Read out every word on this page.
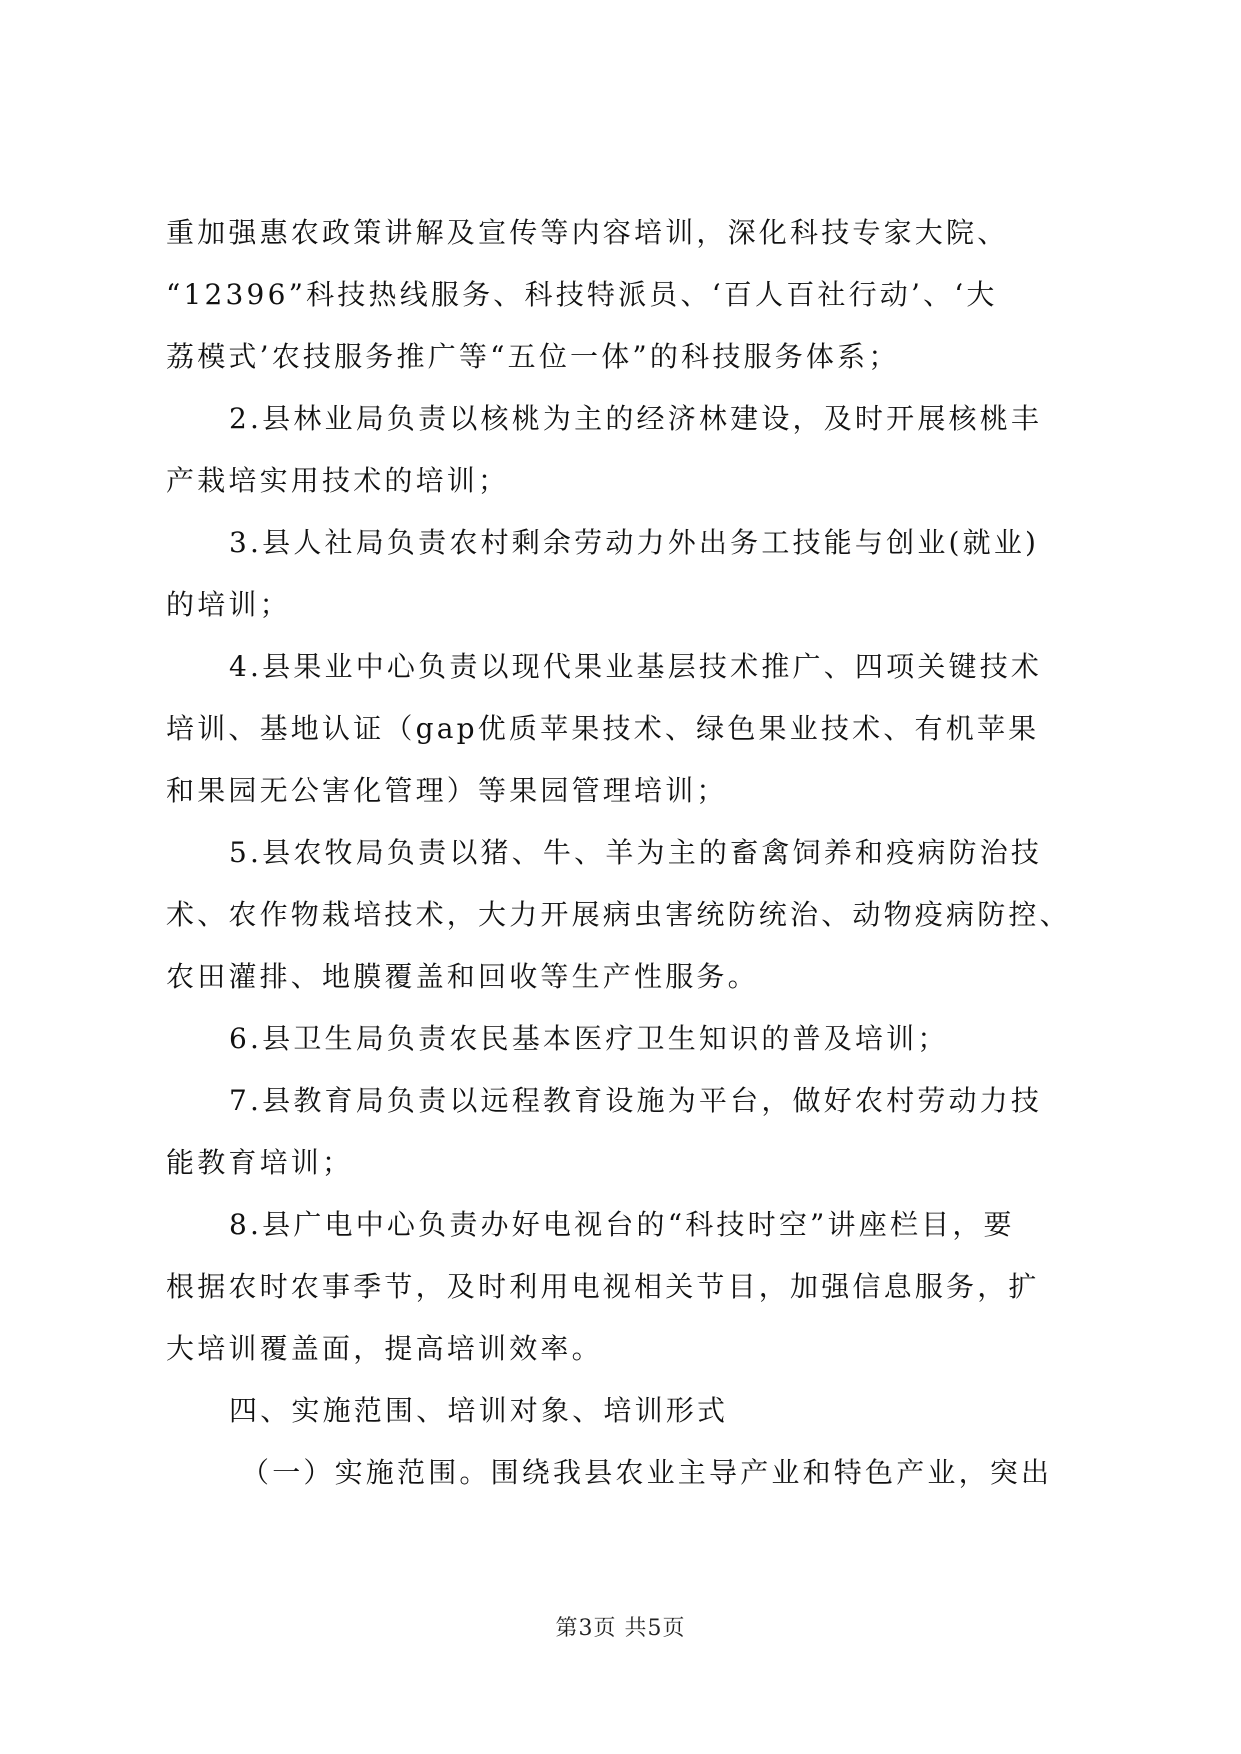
重加强惠农政策讲解及宣传等内容培训，深化科技专家大院、
“12396”科技热线服务、科技特派员、‘百人百社行动’、‘大
荔模式’农技服务推广等“五位一体”的科技服务体系；
2.县林业局负责以核桃为主的经济林建设，及时开展核桃丰
产栽培实用技术的培训；
3.县人社局负责农村剩余劳动力外出务工技能与创业(就业)
的培训；
4.县果业中心负责以现代果业基层技术推广、四项关键技术
培训、基地认证（gap优质苹果技术、绿色果业技术、有机苹果
和果园无公害化管理）等果园管理培训；
5.县农牧局负责以猪、牛、羊为主的畜禽饲养和疫病防治技
术、农作物栽培技术，大力开展病虫害统防统治、动物疫病防控、
农田灌排、地膜覆盖和回收等生产性服务。
6.县卫生局负责农民基本医疗卫生知识的普及培训；
7.县教育局负责以远程教育设施为平台，做好农村劳动力技
能教育培训；
8.县广电中心负责办好电视台的“科技时空”讲座栏目，要
根据农时农事季节，及时利用电视相关节目，加强信息服务，扩
大培训覆盖面，提高培训效率。
四、实施范围、培训对象、培训形式
（一）实施范围。围绕我县农业主导产业和特色产业，突出
第3页 共5页
